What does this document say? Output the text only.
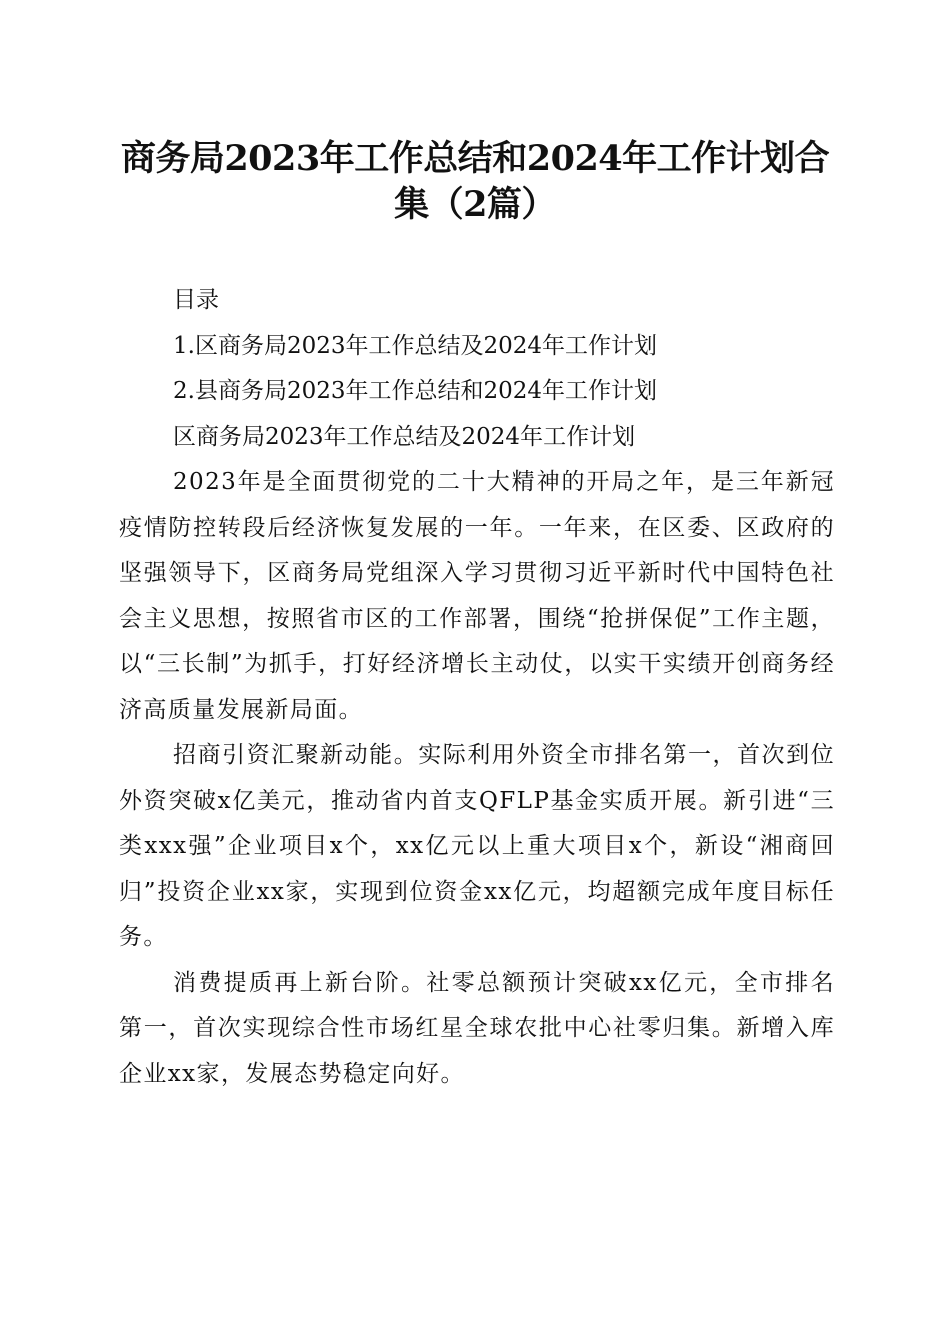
商务局2023年工作总结和2024年工作计划合
集（2篇）

目录

1.区商务局2023年工作总结及2024年工作计划

2.县商务局2023年工作总结和2024年工作计划

区商务局2023年工作总结及2024年工作计划

2023年是全面贯彻党的二十大精神的开局之年，是三年新冠疫情防控转段后经济恢复发展的一年。一年来，在区委、区政府的坚强领导下，区商务局党组深入学习贯彻习近平新时代中国特色社会主义思想，按照省市区的工作部署，围绕“抢拼保促”工作主题，以“三长制”为抓手，打好经济增长主动仗，以实干实绩开创商务经济高质量发展新局面。

招商引资汇聚新动能。实际利用外资全市排名第一，首次到位外资突破x亿美元，推动省内首支QFLP基金实质开展。新引进“三类xxx强”企业项目x个，xx亿元以上重大项目x个，新设“湘商回归”投资企业xx家，实现到位资金xx亿元，均超额完成年度目标任务。

消费提质再上新台阶。社零总额预计突破xx亿元，全市排名第一，首次实现综合性市场红星全球农批中心社零归集。新增入库企业xx家，发展态势稳定向好。
